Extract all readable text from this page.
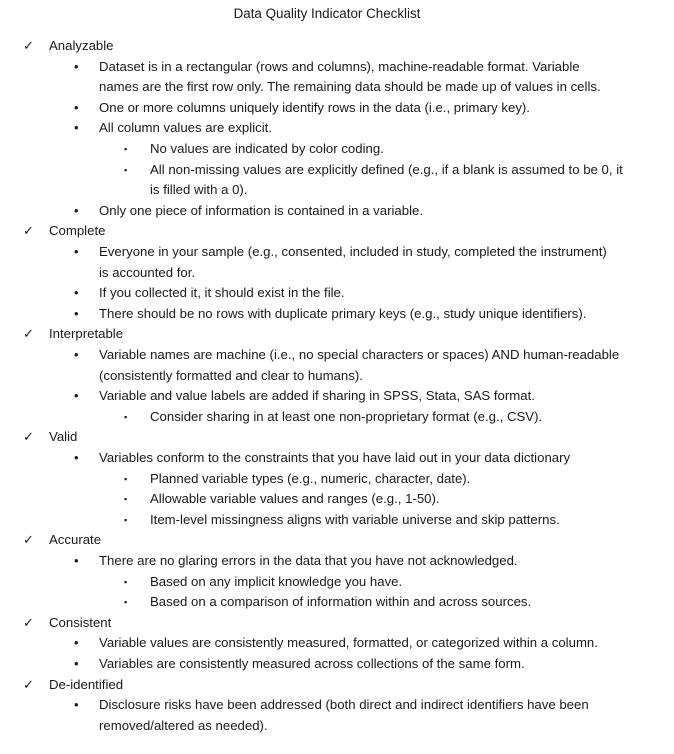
Data Quality Indicator Checklist
✓ Analyzable
• Dataset is in a rectangular (rows and columns), machine-readable format. Variable
names are the first row only. The remaining data should be made up of values in cells.
• One or more columns uniquely identify rows in the data (i.e., primary key).
• All column values are explicit.
▪ No values are indicated by color coding.
▪ All non-missing values are explicitly defined (e.g., if a blank is assumed to be 0, it
is filled with a 0).
• Only one piece of information is contained in a variable.
✓ Complete
• Everyone in your sample (e.g., consented, included in study, completed the instrument)
is accounted for.
• If you collected it, it should exist in the file.
• There should be no rows with duplicate primary keys (e.g., study unique identifiers).
✓ Interpretable
• Variable names are machine (i.e., no special characters or spaces) AND human-readable
(consistently formatted and clear to humans).
• Variable and value labels are added if sharing in SPSS, Stata, SAS format.
▪ Consider sharing in at least one non-proprietary format (e.g., CSV).
✓ Valid
• Variables conform to the constraints that you have laid out in your data dictionary
▪ Planned variable types (e.g., numeric, character, date).
▪ Allowable variable values and ranges (e.g., 1-50).
▪ Item-level missingness aligns with variable universe and skip patterns.
✓ Accurate
• There are no glaring errors in the data that you have not acknowledged.
▪ Based on any implicit knowledge you have.
▪ Based on a comparison of information within and across sources.
✓ Consistent
• Variable values are consistently measured, formatted, or categorized within a column.
• Variables are consistently measured across collections of the same form.
✓ De-identified
• Disclosure risks have been addressed (both direct and indirect identifiers have been
removed/altered as needed).
